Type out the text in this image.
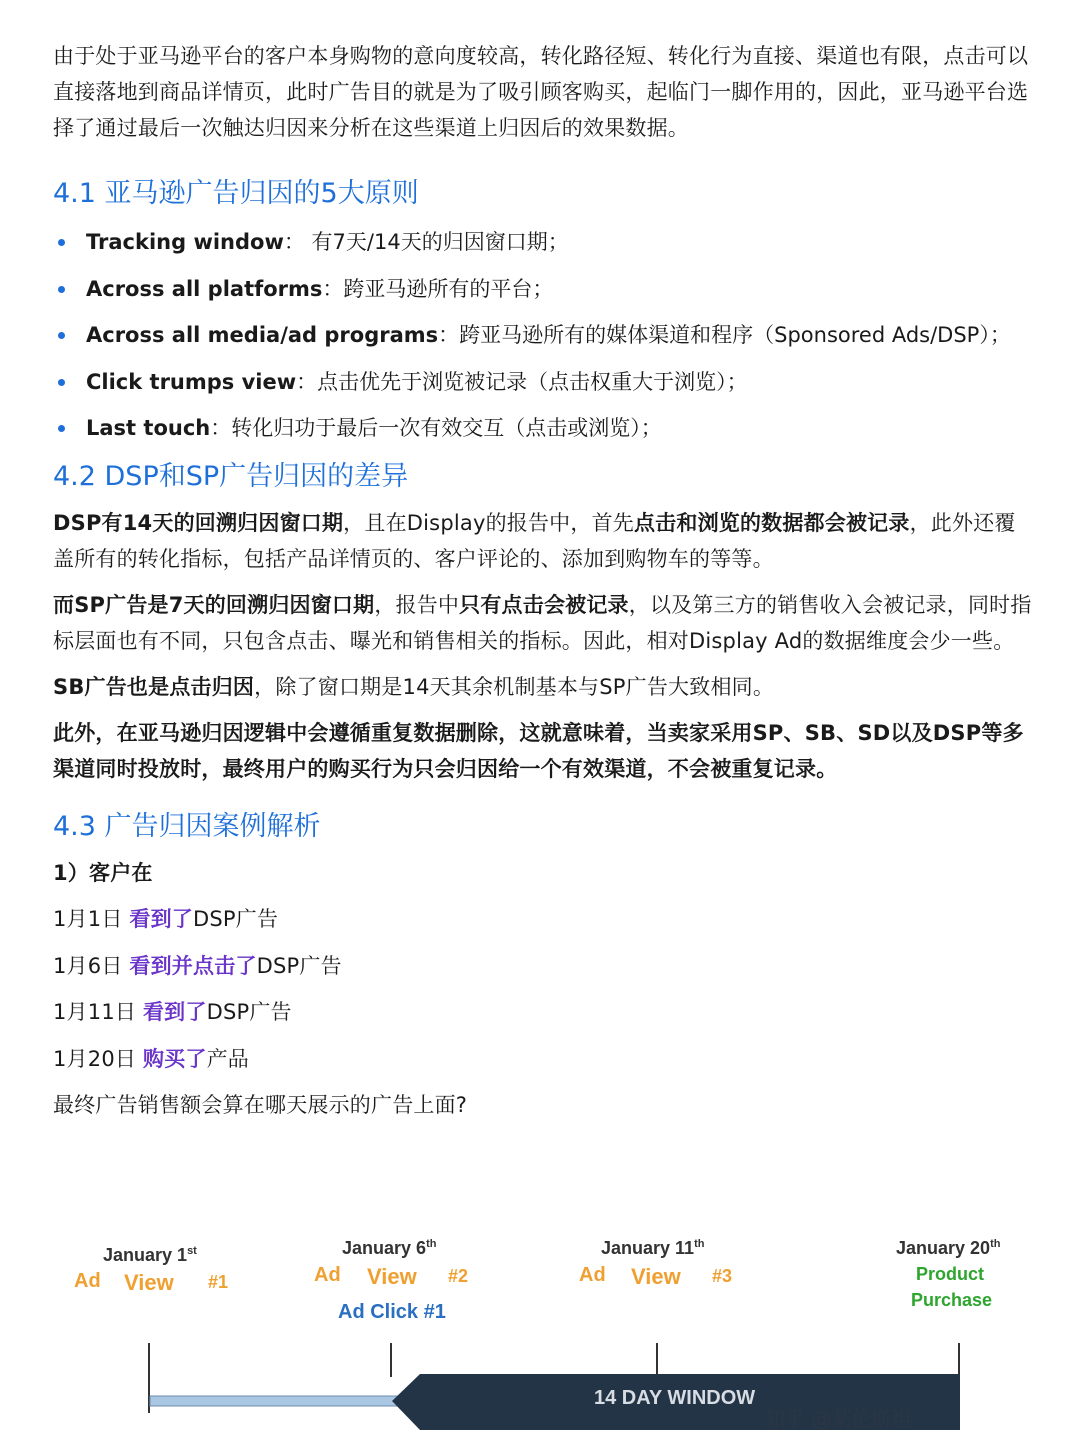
由于处于亚马逊平台的客户本身购物的意向度较高，转化路径短、转化行为直接、渠道也有限，点击可以直接落地到商品详情页，此时广告目的就是为了吸引顾客购买，起临门一脚作用的，因此，亚马逊平台选择了通过最后一次触达归因来分析在这些渠道上归因后的效果数据。

4.1 亚马逊广告归因的5大原则
Tracking window： 有7天/14天的归因窗口期；
Across all platforms：跨亚马逊所有的平台；
Across all media/ad programs：跨亚马逊所有的媒体渠道和程序（Sponsored Ads/DSP）；
Click trumps view：点击优先于浏览被记录（点击权重大于浏览）；
Last touch：转化归功于最后一次有效交互（点击或浏览）；
4.2 DSP和SP广告归因的差异

DSP有14天的回溯归因窗口期，且在Display的报告中，首先点击和浏览的数据都会被记录，此外还覆盖所有的转化指标，包括产品详情页的、客户评论的、添加到购物车的等等。

而SP广告是7天的回溯归因窗口期，报告中只有点击会被记录，以及第三方的销售收入会被记录，同时指标层面也有不同，只包含点击、曝光和销售相关的指标。因此，相对Display Ad的数据维度会少一些。

SB广告也是点击归因，除了窗口期是14天其余机制基本与SP广告大致相同。

此外，在亚马逊归因逻辑中会遵循重复数据删除，这就意味着，当卖家采用SP、SB、SD以及DSP等多渠道同时投放时，最终用户的购买行为只会归因给一个有效渠道，不会被重复记录。

4.3 广告归因案例解析

1）客户在

1月1日 看到了DSP广告

1月6日 看到并点击了DSP广告

1月11日 看到了DSP广告

1月20日 购买了产品

最终广告销售额会算在哪天展示的广告上面?

January 1st
Ad View #1
January 6th
Ad View #2
Ad Click #1
January 11th
Ad View #3
January 20th
Product
Purchase
14 DAY WINDOW
知乎 @某伦斯坦
